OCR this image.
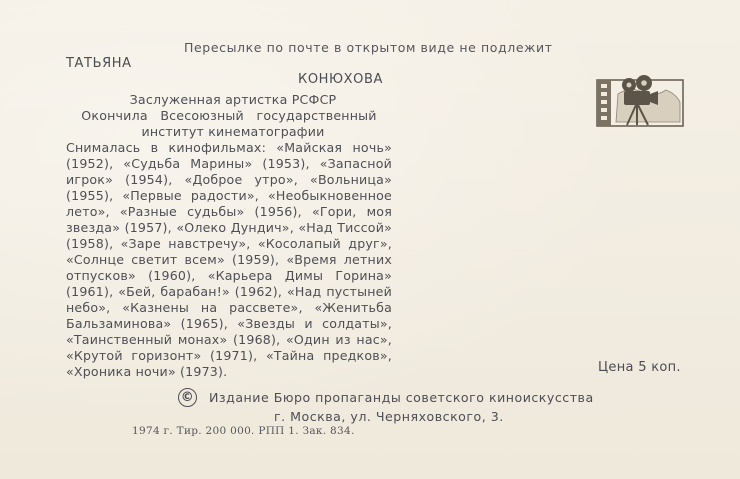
Пересылке по почте в открытом виде не подлежит
ТАТЬЯНА
КОНЮХОВА

Заслуженная артистка РСФСР

Окончила   Всесоюзный   государственный

институт кинематографии

Снималась в кинофильмах: «Майская ночь» (1952), «Судьба Марины» (1953), «Запасной игрок» (1954), «Доброе утро», «Вольница» (1955), «Первые радости», «Необыкновенное лето», «Разные судьбы» (1956), «Гори, моя звезда» (1957), «Олеко Дундич», «Над Тиссой» (1958), «Заре навстречу», «Косолапый друг», «Солнце светит всем» (1959), «Время летних отпусков» (1960), «Карьера Димы Горина» (1961), «Бей, барабан!» (1962), «Над пустыней небо», «Казнены на рассвете», «Женитьба Бальзаминова» (1965), «Звезды и солдаты», «Таинственный монах» (1968), «Один из нас», «Крутой горизонт» (1971), «Тайна предков», «Хроника ночи» (1973).	Цена 5 коп.
© Издание Бюро пропаганды советского киноискусства
г. Москва, ул. Черняховского, 3.
1974 г. Тир. 200 000. РПП 1. Зак. 834.
